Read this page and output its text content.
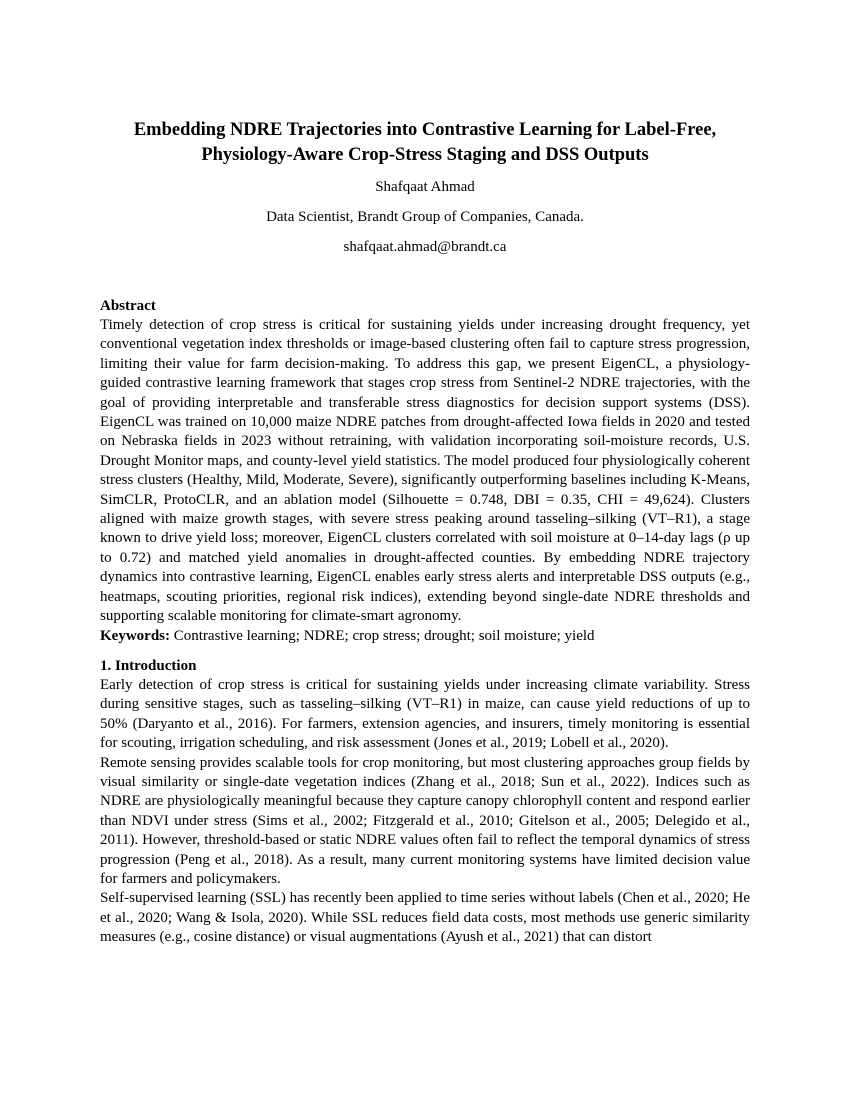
Embedding NDRE Trajectories into Contrastive Learning for Label-Free,
Physiology-Aware Crop-Stress Staging and DSS Outputs
Shafqaat Ahmad
Data Scientist, Brandt Group of Companies, Canada.
shafqaat.ahmad@brandt.ca
Abstract

Timely detection of crop stress is critical for sustaining yields under increasing drought frequency, yet conventional vegetation index thresholds or image-based clustering often fail to capture stress progression, limiting their value for farm decision-making. To address this gap, we present EigenCL, a physiology-guided contrastive learning framework that stages crop stress from Sentinel-2 NDRE trajectories, with the goal of providing interpretable and transferable stress diagnostics for decision support systems (DSS). EigenCL was trained on 10,000 maize NDRE patches from drought-affected Iowa fields in 2020 and tested on Nebraska fields in 2023 without retraining, with validation incorporating soil-moisture records, U.S. Drought Monitor maps, and county-level yield statistics. The model produced four physiologically coherent stress clusters (Healthy, Mild, Moderate, Severe), significantly outperforming baselines including K-Means, SimCLR, ProtoCLR, and an ablation model (Silhouette = 0.748, DBI = 0.35, CHI = 49,624). Clusters aligned with maize growth stages, with severe stress peaking around tasseling–silking (VT–R1), a stage known to drive yield loss; moreover, EigenCL clusters correlated with soil moisture at 0–14-day lags (ρ up to 0.72) and matched yield anomalies in drought-affected counties. By embedding NDRE trajectory dynamics into contrastive learning, EigenCL enables early stress alerts and interpretable DSS outputs (e.g., heatmaps, scouting priorities, regional risk indices), extending beyond single-date NDRE thresholds and supporting scalable monitoring for climate-smart agronomy.

Keywords: Contrastive learning; NDRE; crop stress; drought; soil moisture; yield

1. Introduction

Early detection of crop stress is critical for sustaining yields under increasing climate variability. Stress during sensitive stages, such as tasseling–silking (VT–R1) in maize, can cause yield reductions of up to 50% (Daryanto et al., 2016). For farmers, extension agencies, and insurers, timely monitoring is essential for scouting, irrigation scheduling, and risk assessment (Jones et al., 2019; Lobell et al., 2020).

Remote sensing provides scalable tools for crop monitoring, but most clustering approaches group fields by visual similarity or single-date vegetation indices (Zhang et al., 2018; Sun et al., 2022). Indices such as NDRE are physiologically meaningful because they capture canopy chlorophyll content and respond earlier than NDVI under stress (Sims et al., 2002; Fitzgerald et al., 2010; Gitelson et al., 2005; Delegido et al., 2011). However, threshold-based or static NDRE values often fail to reflect the temporal dynamics of stress progression (Peng et al., 2018). As a result, many current monitoring systems have limited decision value for farmers and policymakers.

Self-supervised learning (SSL) has recently been applied to time series without labels (Chen et al., 2020; He et al., 2020; Wang & Isola, 2020). While SSL reduces field data costs, most methods use generic similarity measures (e.g., cosine distance) or visual augmentations (Ayush et al., 2021) that can distort
